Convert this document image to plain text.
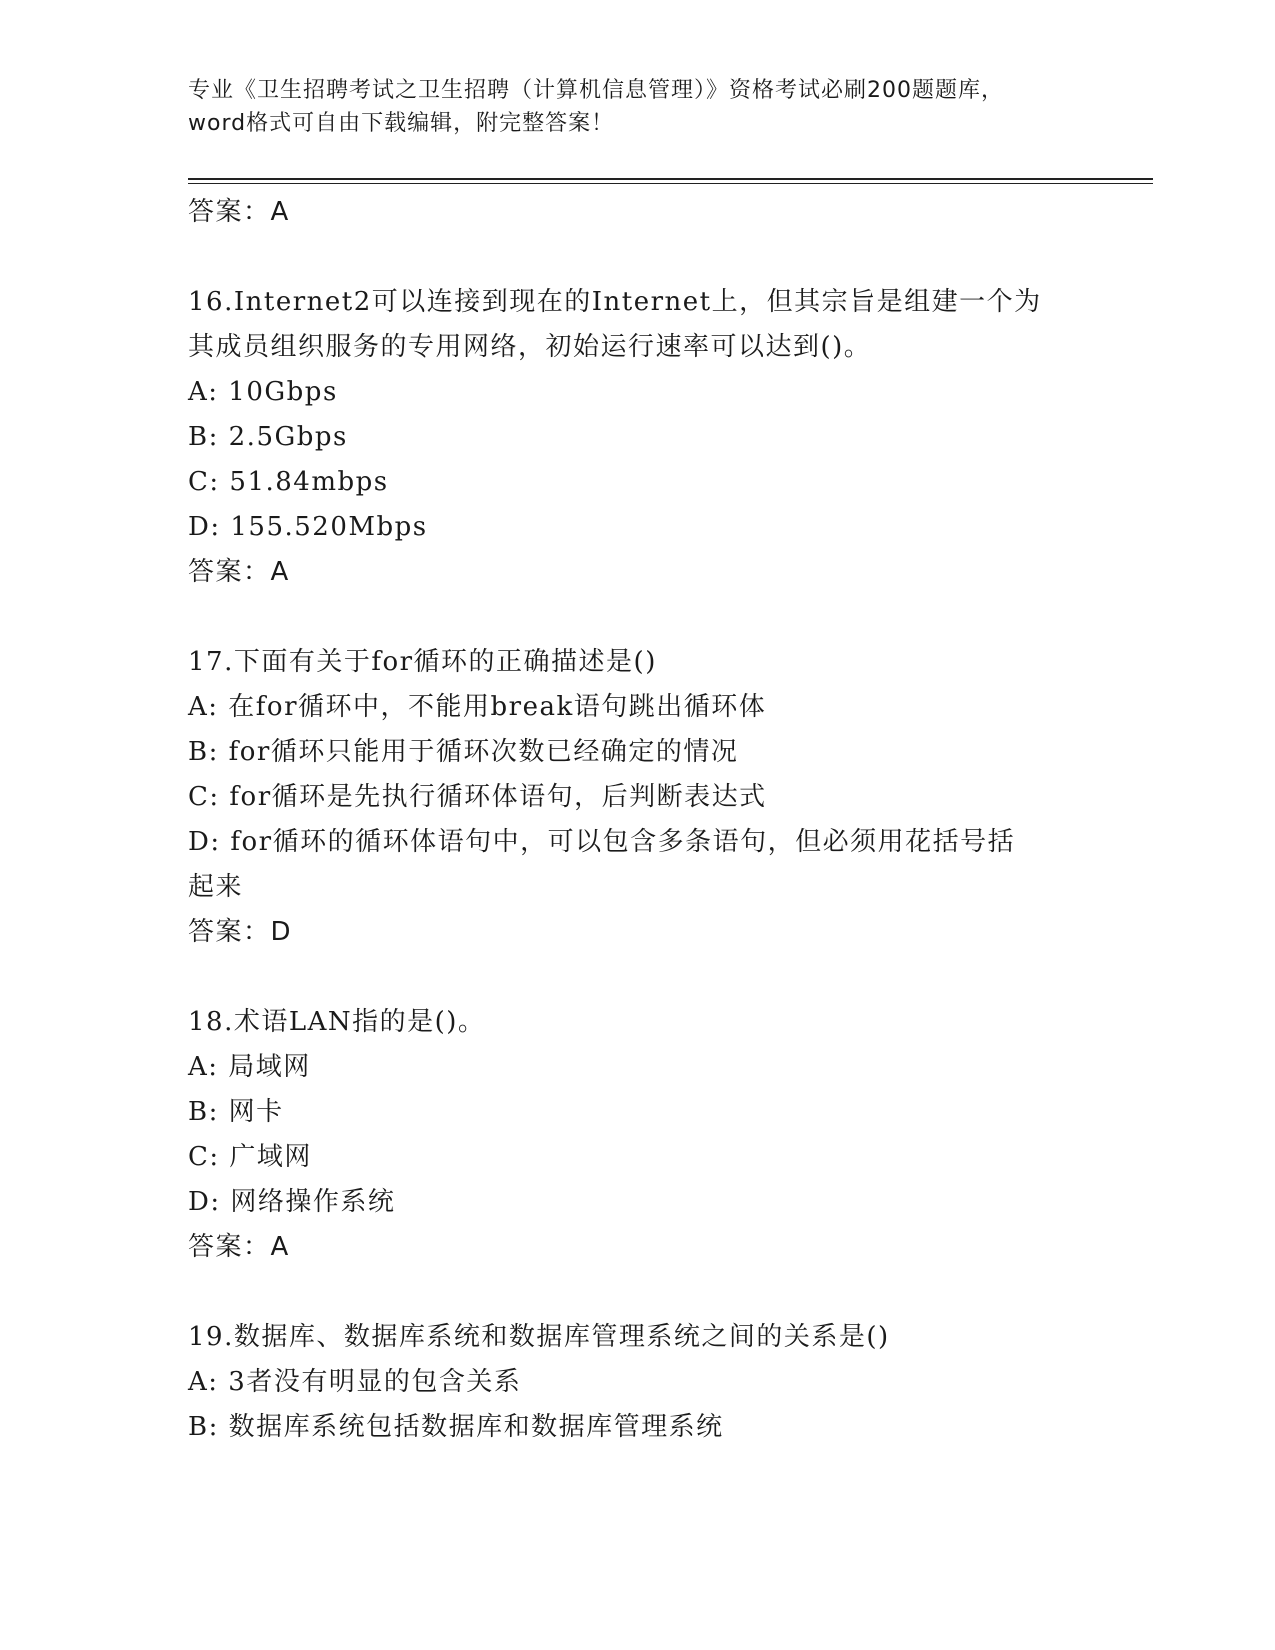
专业《卫生招聘考试之卫生招聘（计算机信息管理）》资格考试必刷200题题库，
word格式可自由下载编辑，附完整答案！
答案：A
16.Internet2可以连接到现在的Internet上，但其宗旨是组建一个为
其成员组织服务的专用网络，初始运行速率可以达到()。
A: 10Gbps
B: 2.5Gbps
C: 51.84mbps
D: 155.520Mbps
答案：A
17.下面有关于for循环的正确描述是()
A: 在for循环中，不能用break语句跳出循环体
B: for循环只能用于循环次数已经确定的情况
C: for循环是先执行循环体语句，后判断表达式
D: for循环的循环体语句中，可以包含多条语句，但必须用花括号括
起来
答案：D
18.术语LAN指的是()。
A: 局域网
B: 网卡
C: 广域网
D: 网络操作系统
答案：A
19.数据库、数据库系统和数据库管理系统之间的关系是()
A: 3者没有明显的包含关系
B: 数据库系统包括数据库和数据库管理系统
